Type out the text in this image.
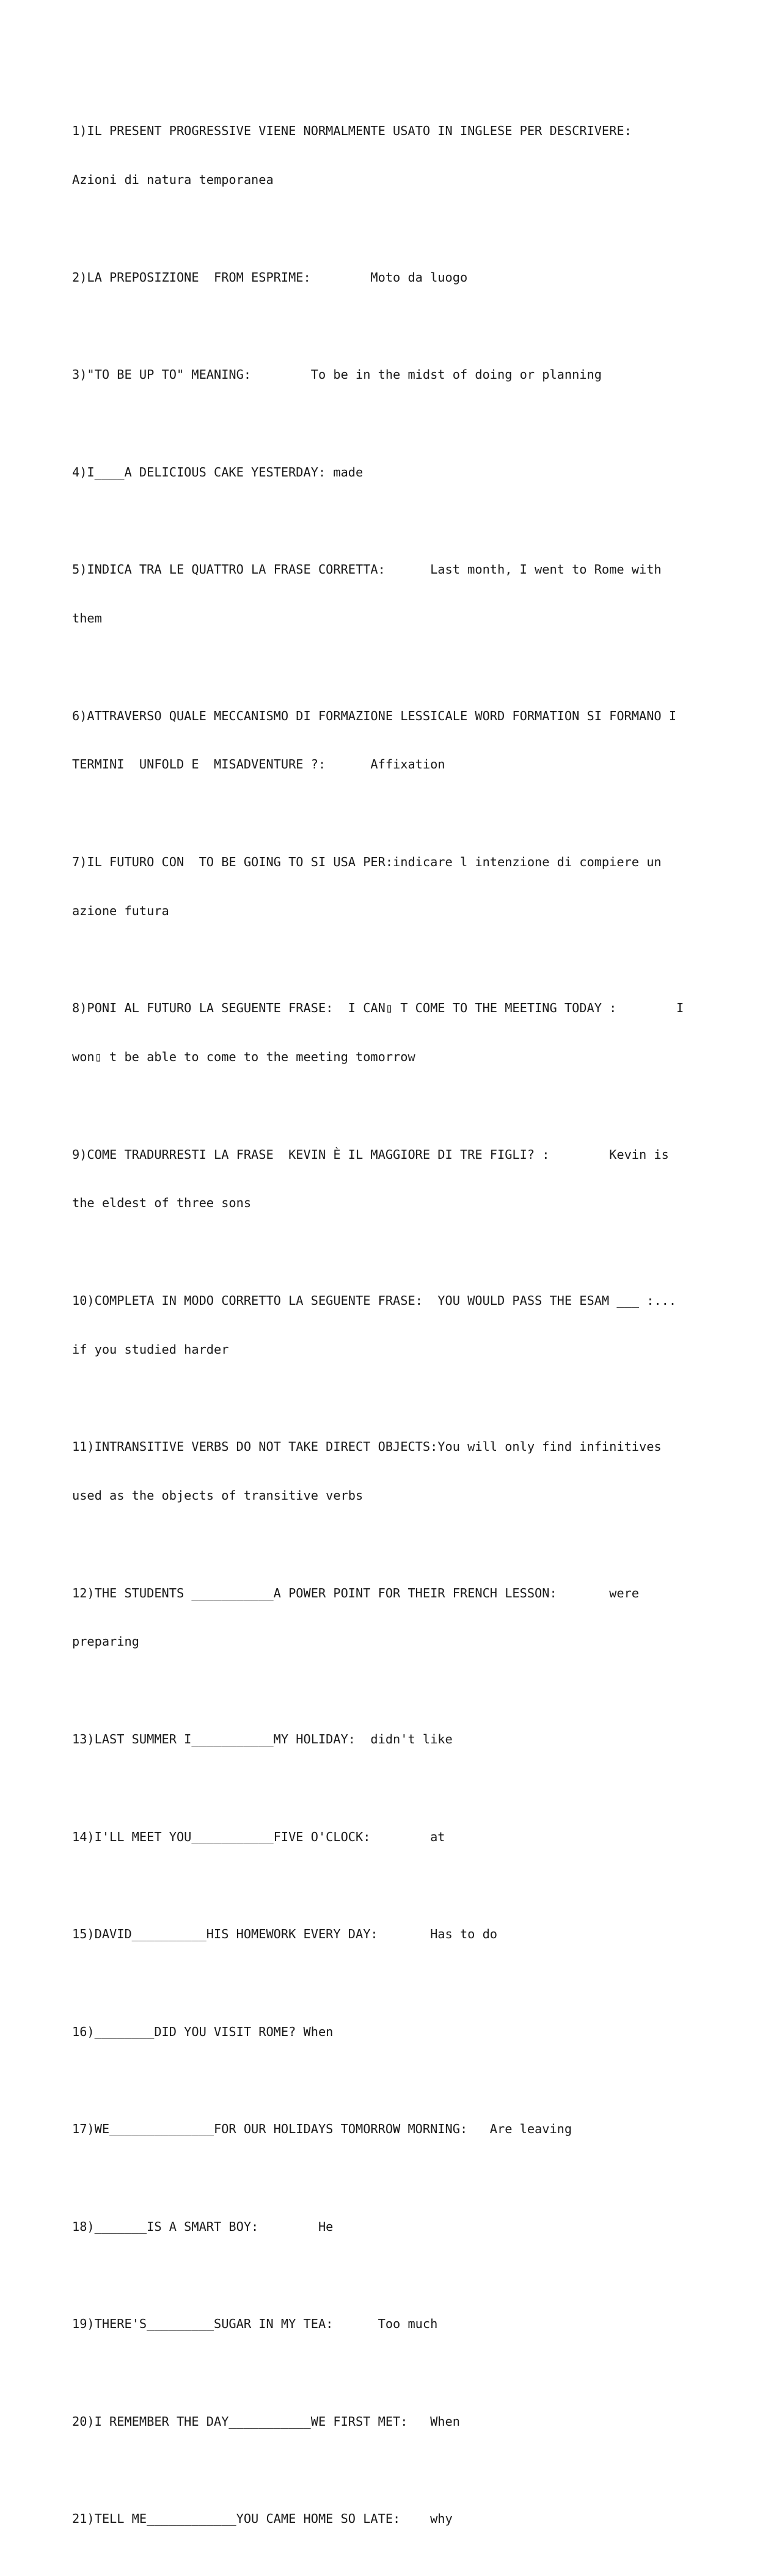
1)IL PRESENT PROGRESSIVE VIENE NORMALMENTE USATO IN INGLESE PER DESCRIVERE:

Azioni di natura temporanea

2)LA PREPOSIZIONE  FROM ESPRIME:        Moto da luogo

3)"TO BE UP TO" MEANING:        To be in the midst of doing or planning

4)I____A DELICIOUS CAKE YESTERDAY: made

5)INDICA TRA LE QUATTRO LA FRASE CORRETTA:      Last month, I went to Rome with

them

6)ATTRAVERSO QUALE MECCANISMO DI FORMAZIONE LESSICALE WORD FORMATION SI FORMANO I

TERMINI  UNFOLD E  MISADVENTURE ?:      Affixation

7)IL FUTURO CON  TO BE GOING TO SI USA PER:indicare l intenzione di compiere un

azione futura

8)PONI AL FUTURO LA SEGUENTE FRASE:  I CAN▯ T COME TO THE MEETING TODAY :        I

won▯ t be able to come to the meeting tomorrow

9)COME TRADURRESTI LA FRASE  KEVIN È IL MAGGIORE DI TRE FIGLI? :        Kevin is

the eldest of three sons

10)COMPLETA IN MODO CORRETTO LA SEGUENTE FRASE:  YOU WOULD PASS THE ESAM ___ :...

if you studied harder

11)INTRANSITIVE VERBS DO NOT TAKE DIRECT OBJECTS:You will only find infinitives

used as the objects of transitive verbs

12)THE STUDENTS ___________A POWER POINT FOR THEIR FRENCH LESSON:       were

preparing

13)LAST SUMMER I___________MY HOLIDAY:  didn't like

14)I'LL MEET YOU___________FIVE O'CLOCK:        at

15)DAVID__________HIS HOMEWORK EVERY DAY:       Has to do

16)________DID YOU VISIT ROME? When

17)WE______________FOR OUR HOLIDAYS TOMORROW MORNING:   Are leaving

18)_______IS A SMART BOY:        He

19)THERE'S_________SUGAR IN MY TEA:      Too much

20)I REMEMBER THE DAY___________WE FIRST MET:   When

21)TELL ME____________YOU CAME HOME SO LATE:    why
